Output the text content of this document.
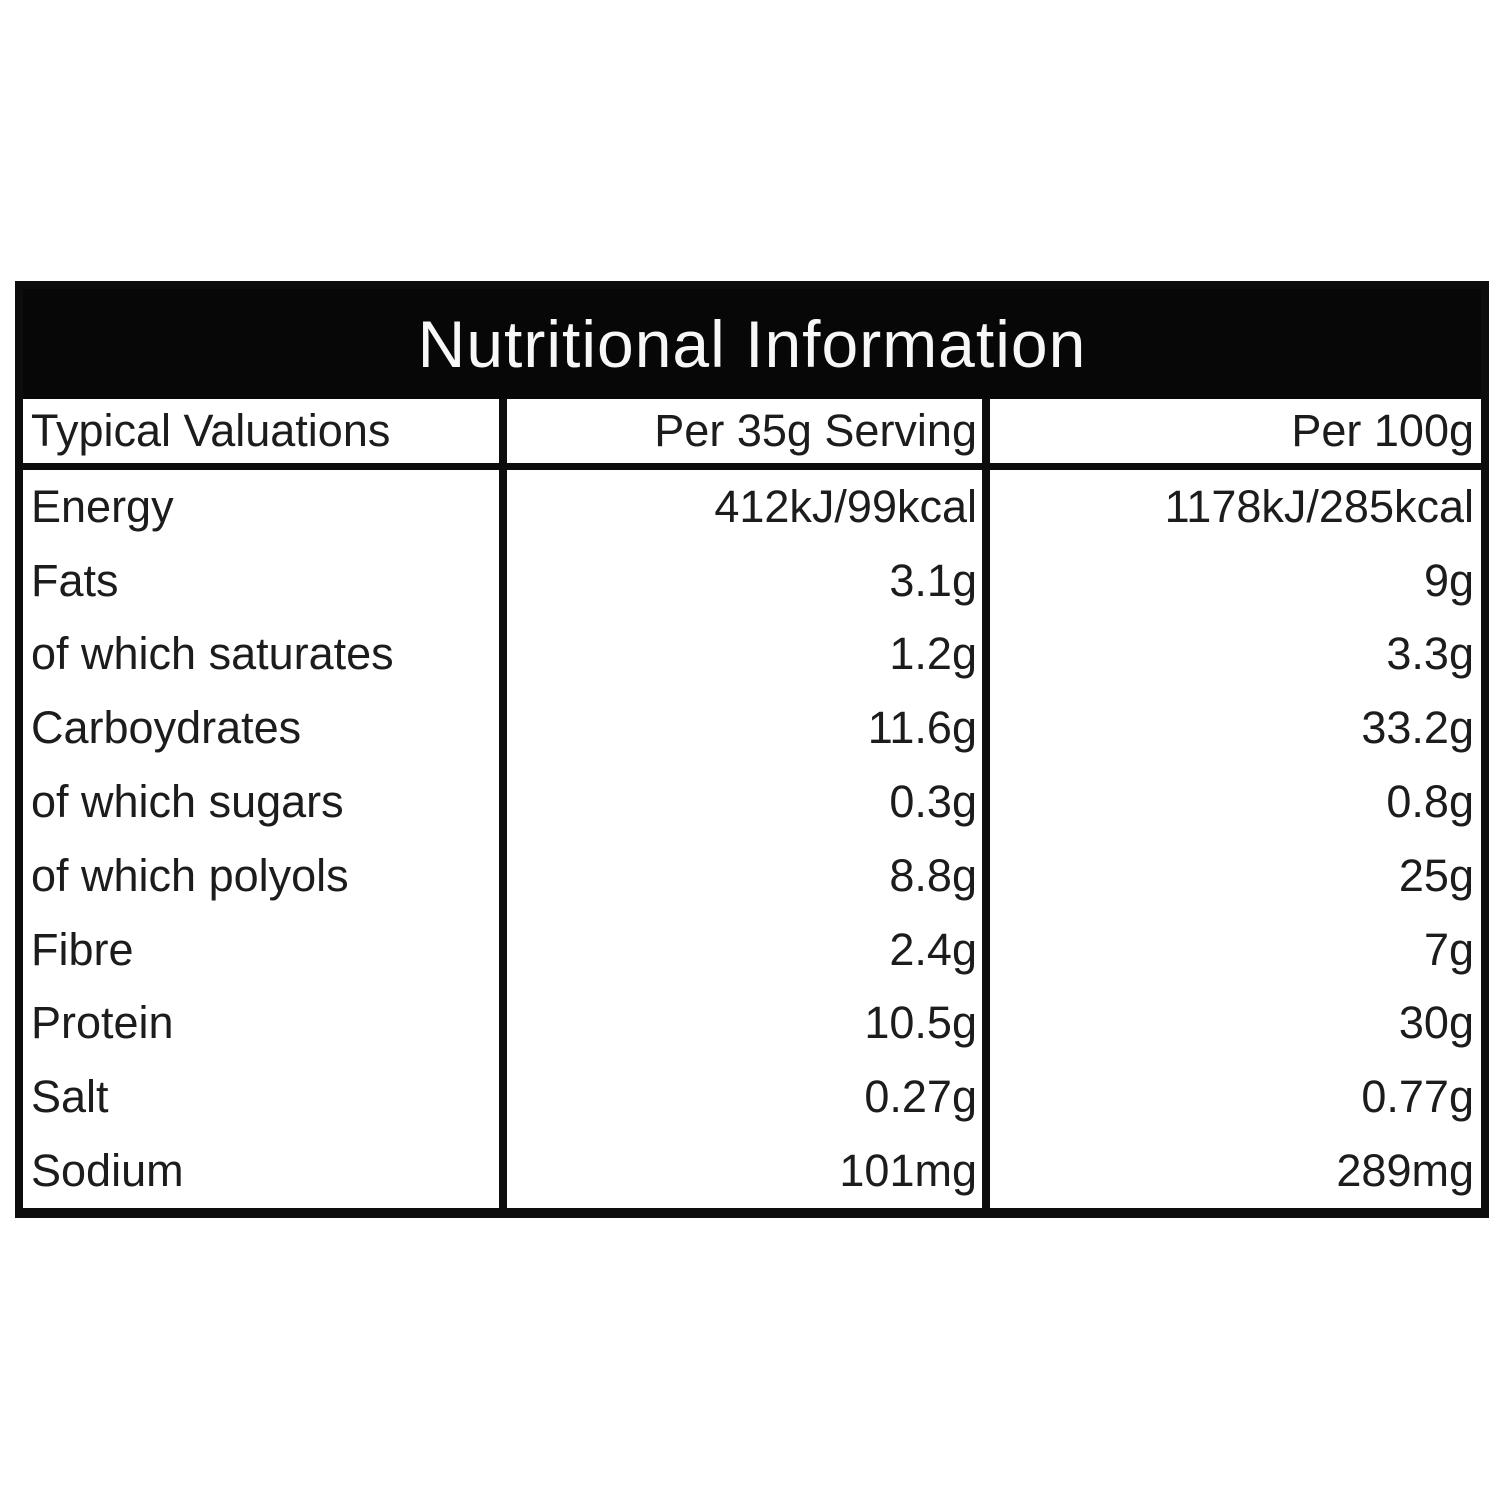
Nutritional Information
Typical Valuations	Per 35g Serving	Per 100g
Energy	412kJ/99kcal	1178kJ/285kcal
Fats	3.1g	9g
of which saturates	1.2g	3.3g
Carboydrates	11.6g	33.2g
of which sugars	0.3g	0.8g
of which polyols	8.8g	25g
Fibre	2.4g	7g
Protein	10.5g	30g
Salt	0.27g	0.77g
Sodium	101mg	289mg
